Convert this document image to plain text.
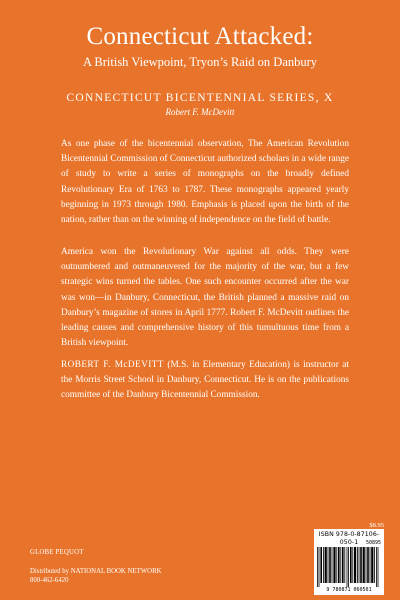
Connecticut Attacked:
A British Viewpoint, Tryon’s Raid on Danbury
CONNECTICUT BICENTENNIAL SERIES, X
Robert F. McDevitt
As one phase of the bicentennial observation, The American Revolution Bicentennial Commission of Connecticut authorized scholars in a wide range of study to write a series of monographs on the broadly defined Revolutionary Era of 1763 to 1787. These monographs appeared yearly beginning in 1973 through 1980. Emphasis is placed upon the birth of the nation, rather than on the winning of independence on the field of battle.
America won the Revolutionary War against all odds. They were outnumbered and outmaneuvered for the majority of the war, but a few strategic wins turned the tables. One such encounter occurred after the war was won—in Danbury, Connecticut, the British planned a massive raid on Danbury’s magazine of stores in April 1777. Robert F. McDevitt outlines the leading causes and comprehensive history of this tumultuous time from a British viewpoint.
ROBERT F. McDEVITT (M.S. in Elementary Education) is instructor at the Morris Street School in Danbury, Connecticut. He is on the publications committee of the Danbury Bicentennial Commission.
$8.95
GLOBE PEQUOT
Distributed by NATIONAL BOOK NETWORK
800-462-6420
ISBN 978-0-87106-050-1	50895
9 780871 060501
